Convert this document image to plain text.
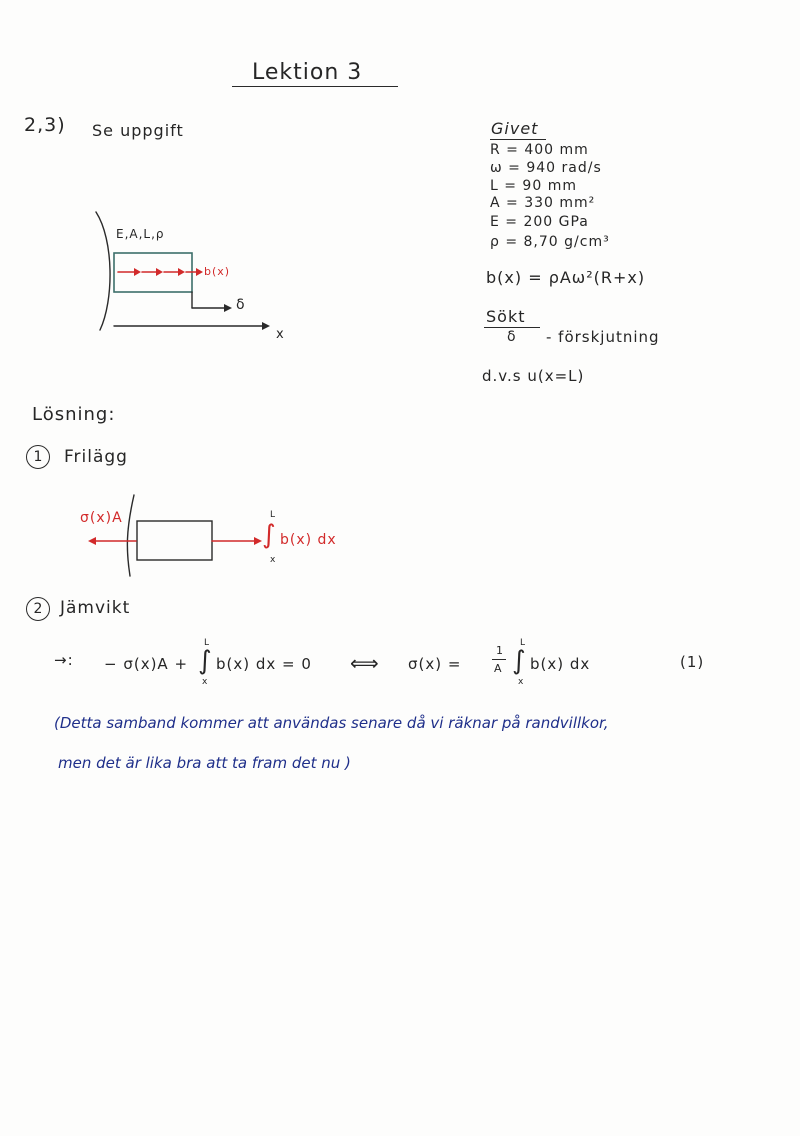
Lektion 3
2,3) Se uppgift	Givet
R = 400 mm
ω = 940 rad/s
L = 90 mm
A = 330 mm²
E = 200 GPa
ρ = 8,70 g/cm³
b(x) = ρAω²(R+x)
Sökt
δ - förskjutning
d.v.s u(x=L)
E,A,L,ρ
b(x)
δ
x
Lösning:
1	Frilägg
σ(x)A
∫
L
x
b(x) dx
2	Jämvikt
→: − σ(x)A + ∫
L
x
b(x) dx = 0 ⟺ σ(x) =
1
A ∫
L
x
b(x) dx	(1)
(Detta samband kommer att användas senare då vi räknar på randvillkor,
men det är lika bra att ta fram det nu )
